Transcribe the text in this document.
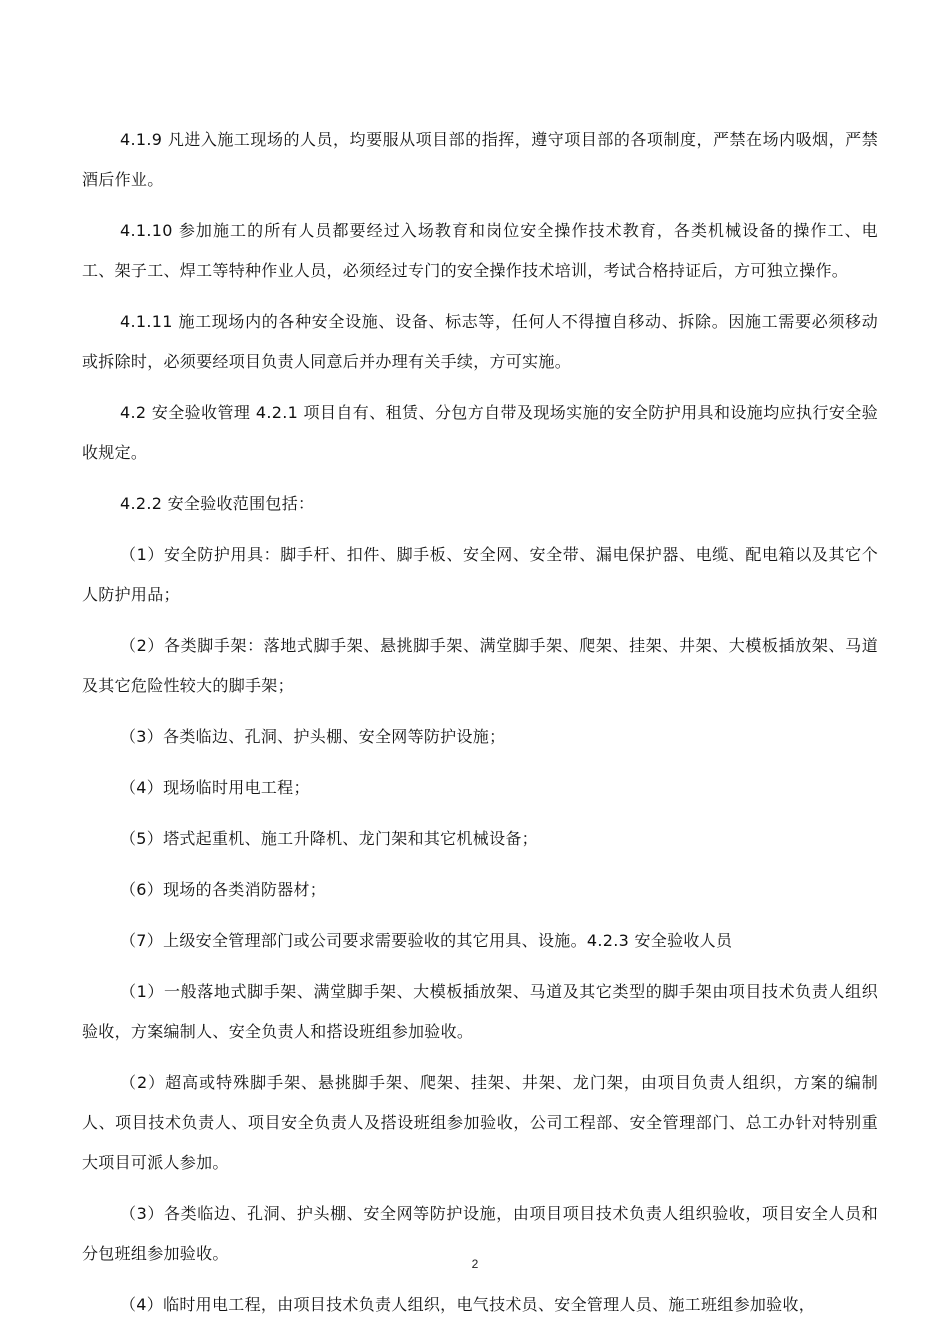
4.1.9 凡进入施工现场的人员，均要服从项目部的指挥，遵守项目部的各项制度，严禁在场内吸烟，严禁酒后作业。

4.1.10 参加施工的所有人员都要经过入场教育和岗位安全操作技术教育，各类机械设备的操作工、电工、架子工、焊工等特种作业人员，必须经过专门的安全操作技术培训，考试合格持证后，方可独立操作。

4.1.11 施工现场内的各种安全设施、设备、标志等，任何人不得擅自移动、拆除。因施工需要必须移动或拆除时，必须要经项目负责人同意后并办理有关手续，方可实施。

4.2 安全验收管理 4.2.1 项目自有、租赁、分包方自带及现场实施的安全防护用具和设施均应执行安全验收规定。

4.2.2 安全验收范围包括：

（1）安全防护用具：脚手杆、扣件、脚手板、安全网、安全带、漏电保护器、电缆、配电箱以及其它个人防护用品；

（2）各类脚手架：落地式脚手架、悬挑脚手架、满堂脚手架、爬架、挂架、井架、大模板插放架、马道及其它危险性较大的脚手架；

（3）各类临边、孔洞、护头棚、安全网等防护设施；

（4）现场临时用电工程；

（5）塔式起重机、施工升降机、龙门架和其它机械设备；

（6）现场的各类消防器材；

（7）上级安全管理部门或公司要求需要验收的其它用具、设施。4.2.3 安全验收人员

（1）一般落地式脚手架、满堂脚手架、大模板插放架、马道及其它类型的脚手架由项目技术负责人组织验收，方案编制人、安全负责人和搭设班组参加验收。

（2）超高或特殊脚手架、悬挑脚手架、爬架、挂架、井架、龙门架，由项目负责人组织，方案的编制人、项目技术负责人、项目安全负责人及搭设班组参加验收，公司工程部、安全管理部门、总工办针对特别重大项目可派人参加。

（3）各类临边、孔洞、护头棚、安全网等防护设施，由项目项目技术负责人组织验收，项目安全人员和分包班组参加验收。

（4）临时用电工程，由项目技术负责人组织，电气技术员、安全管理人员、施工班组参加验收，

2
